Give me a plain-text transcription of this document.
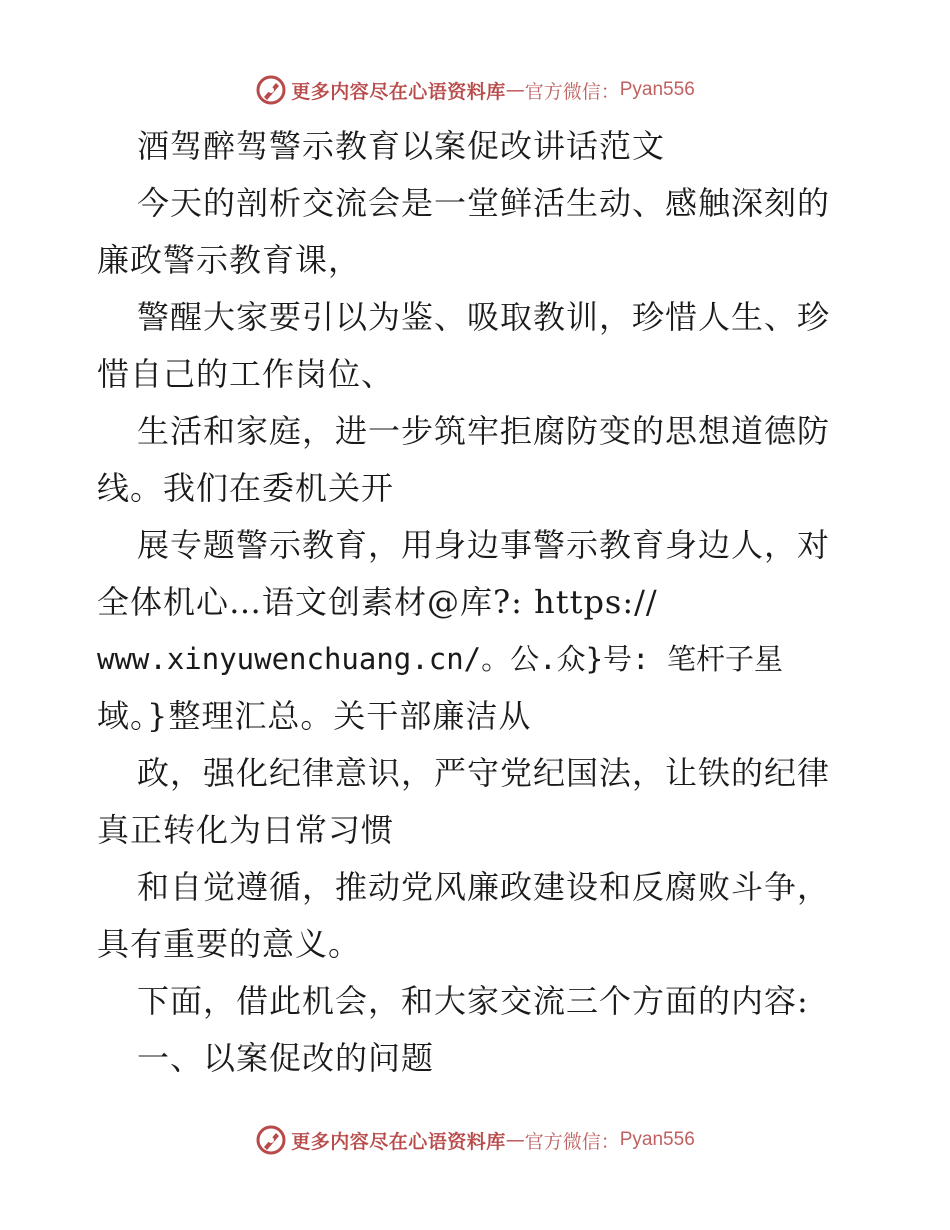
更多内容尽在心语资料库 — 官方微信： Pyan556
酒驾醉驾警示教育以案促改讲话范文
今天的剖析交流会是一堂鲜活生动、感触深刻的
廉政警示教育课，
警醒大家要引以为鉴、吸取教训，珍惜人生、珍
惜自己的工作岗位、
生活和家庭，进一步筑牢拒腐防变的思想道德防
线。我们在委机关开
展专题警示教育，用身边事警示教育身边人，对
全体机心…语文创素材@库?: https://
www.xinyuwenchuang.cn/。公.众}号: 笔杆子星
域。}整理汇总。关干部廉洁从
政，强化纪律意识，严守党纪国法，让铁的纪律
真正转化为日常习惯
和自觉遵循，推动党风廉政建设和反腐败斗争，
具有重要的意义。
下面，借此机会，和大家交流三个方面的内容:
一、以案促改的问题
更多内容尽在心语资料库 — 官方微信： Pyan556
